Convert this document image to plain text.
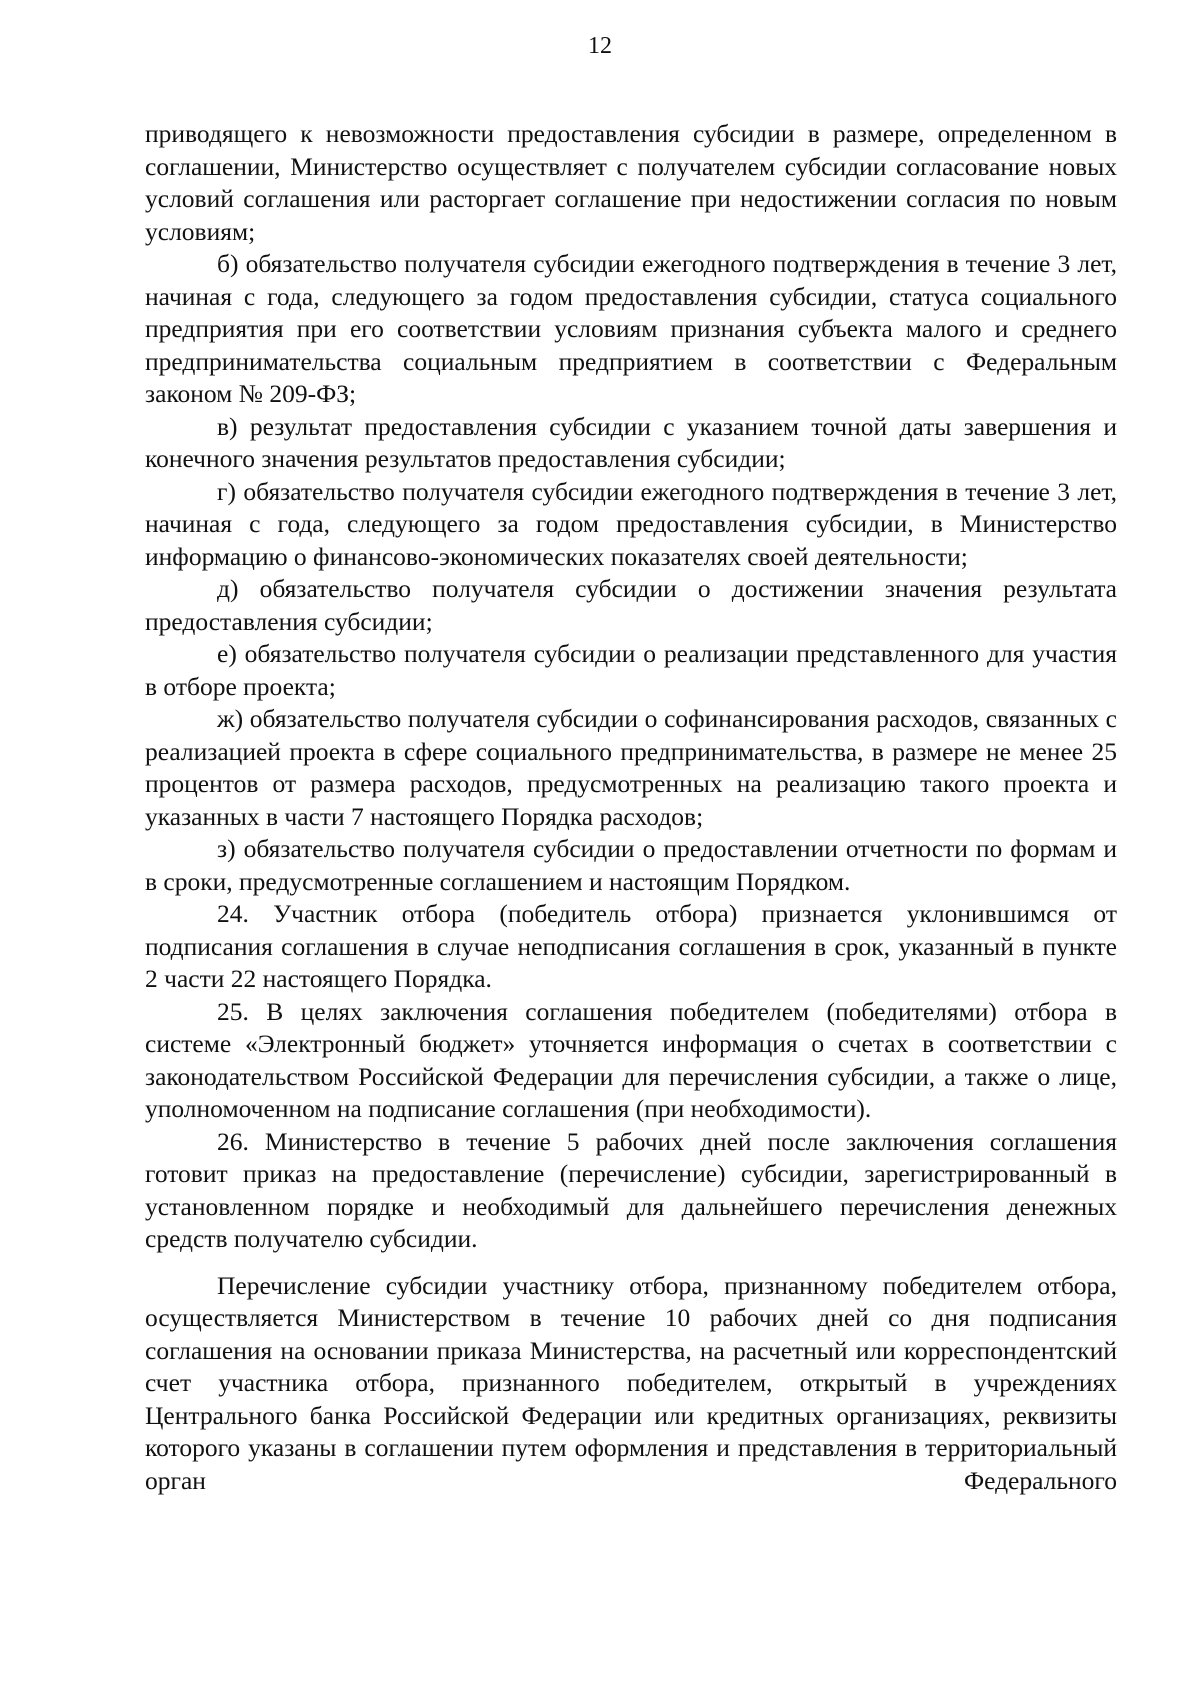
12

приводящего к невозможности предоставления субсидии в размере, определенном в соглашении, Министерство осуществляет с получателем субсидии согласование новых условий соглашения или расторгает соглашение при недостижении согласия по новым условиям;

б) обязательство получателя субсидии ежегодного подтверждения в течение 3 лет, начиная с года, следующего за годом предоставления субсидии, статуса социального предприятия при его соответствии условиям признания субъекта малого и среднего предпринимательства социальным предприятием в соответствии с Федеральным законом № 209-ФЗ;

в) результат предоставления субсидии с указанием точной даты завершения и конечного значения результатов предоставления субсидии;

г) обязательство получателя субсидии ежегодного подтверждения в течение 3 лет, начиная с года, следующего за годом предоставления субсидии, в Министерство информацию о финансово-экономических показателях своей деятельности;

д) обязательство получателя субсидии о достижении значения результата предоставления субсидии;

е) обязательство получателя субсидии о реализации представленного для участия в отборе проекта;

ж) обязательство получателя субсидии о софинансирования расходов, связанных с реализацией проекта в сфере социального предпринимательства, в размере не менее 25 процентов от размера расходов, предусмотренных на реализацию такого проекта и указанных в части 7 настоящего Порядка расходов;

з) обязательство получателя субсидии о предоставлении отчетности по формам и в сроки, предусмотренные соглашением и настоящим Порядком.

24. Участник отбора (победитель отбора) признается уклонившимся от подписания соглашения в случае неподписания соглашения в срок, указанный в пункте 2 части 22 настоящего Порядка.

25. В целях заключения соглашения победителем (победителями) отбора в системе «Электронный бюджет» уточняется информация о счетах в соответствии с законодательством Российской Федерации для перечисления субсидии, а также о лице, уполномоченном на подписание соглашения (при необходимости).

26. Министерство в течение 5 рабочих дней после заключения соглашения готовит приказ на предоставление (перечисление) субсидии, зарегистрированный в установленном порядке и необходимый для дальнейшего перечисления денежных средств получателю субсидии.

Перечисление субсидии участнику отбора, признанному победителем отбора, осуществляется Министерством в течение 10 рабочих дней со дня подписания соглашения на основании приказа Министерства, на расчетный или корреспондентский счет участника отбора, признанного победителем, открытый в учреждениях Центрального банка Российской Федерации или кредитных организациях, реквизиты которого указаны в соглашении путем оформления и представления в территориальный орган Федерального
